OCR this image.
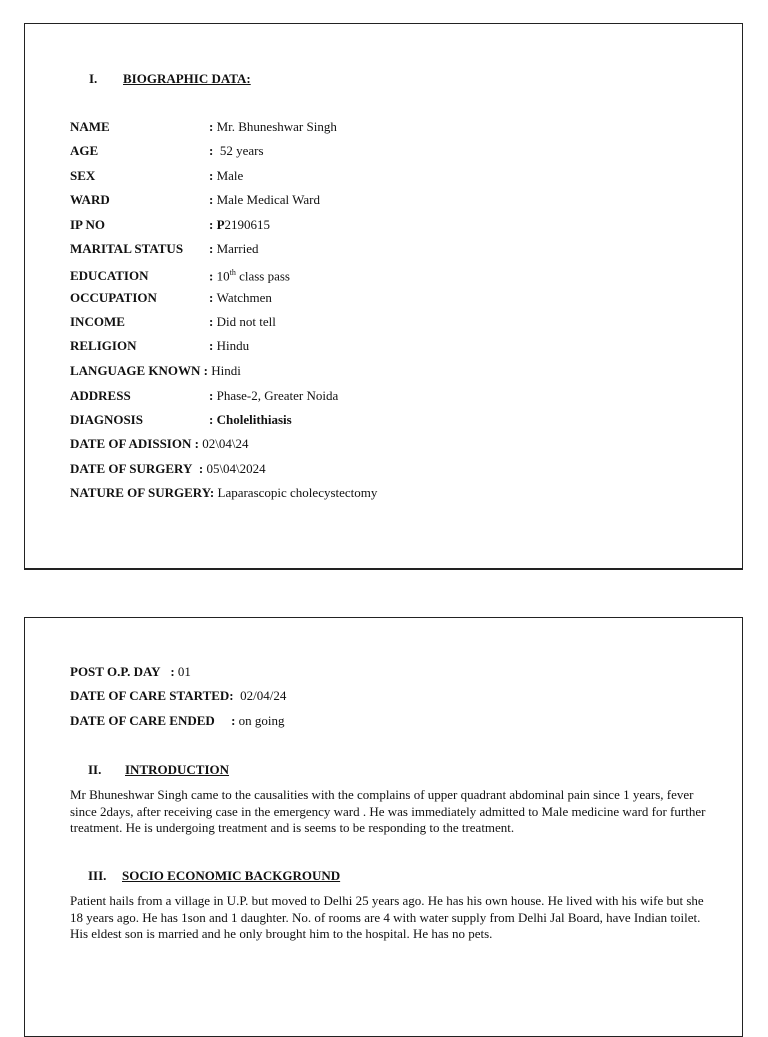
I. BIOGRAPHIC DATA:
NAME	: Mr. Bhuneshwar Singh
AGE	:  52 years
SEX	: Male
WARD	: Male Medical Ward
IP NO	: P2190615
MARITAL STATUS : Married
EDUCATION	: 10th class pass
OCCUPATION	: Watchmen
INCOME	: Did not tell
RELIGION	: Hindu
LANGUAGE KNOWN : Hindi
ADDRESS	: Phase-2, Greater Noida
DIAGNOSIS	: Cholelithiasis
DATE OF ADISSION : 02\04\24
DATE OF SURGERY  : 05\04\2024
NATURE OF SURGERY: Laparascopic cholecystectomy
POST O.P. DAY   : 01
DATE OF CARE STARTED: 02/04/24
DATE OF CARE ENDED     : on going
II. INTRODUCTION
Mr Bhuneshwar Singh came to the causalities with the complains of upper quadrant abdominal pain since 1 years, fever since 2days, after receiving case in the emergency ward . He was immediately admitted to Male medicine ward for further treatment. He is undergoing treatment and is seems to be responding to the treatment.
III. SOCIO ECONOMIC BACKGROUND
Patient hails from a village in U.P. but moved to Delhi 25 years ago. He has his own house. He lived with his wife but she 18 years ago. He has 1son and 1 daughter. No. of rooms are 4 with water supply from Delhi Jal Board, have Indian toilet. His eldest son is married and he only brought him to the hospital. He has no pets.
